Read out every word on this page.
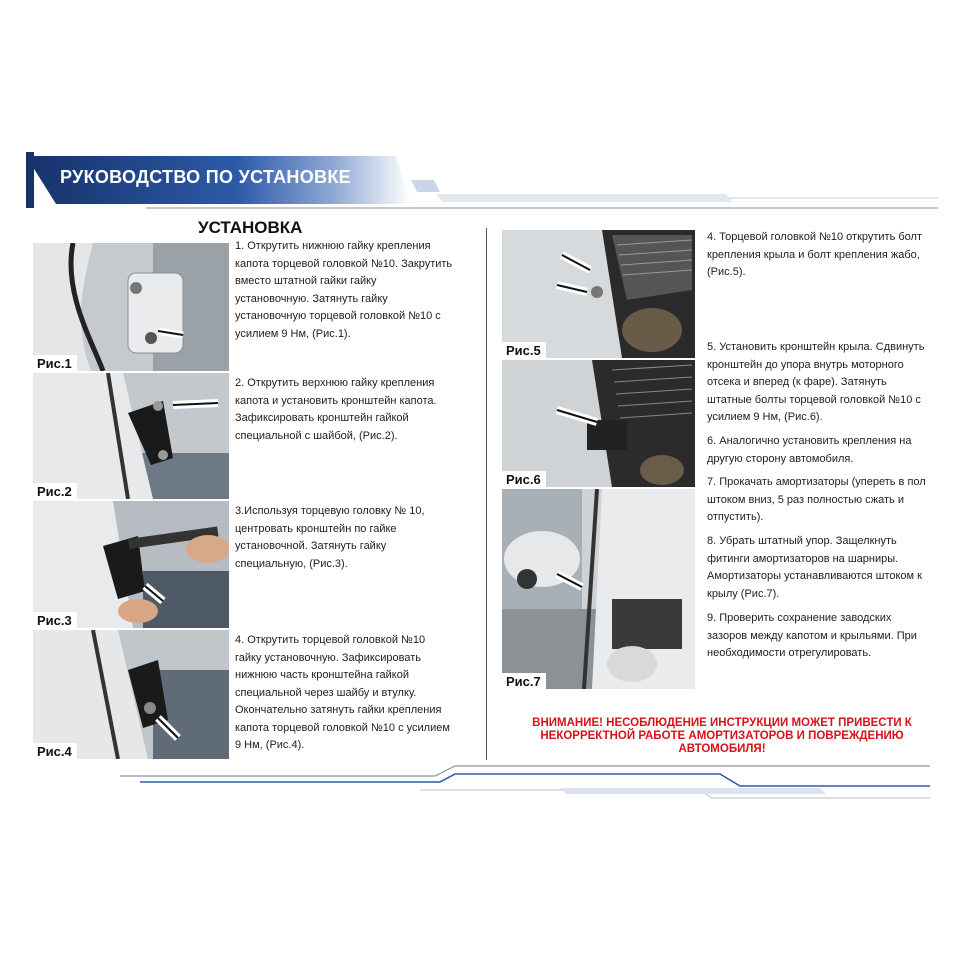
РУКОВОДСТВО ПО УСТАНОВКЕ
УСТАНОВКА
Рис.1
Рис.2
Рис.3
Рис.4
Рис.5
Рис.6
Рис.7
1. Открутить нижнюю гайку крепления
капота торцевой головкой №10. Закрутить
вместо штатной гайки гайку
установочную. Затянуть гайку
установочную торцевой головкой №10 с
усилием 9 Нм, (Рис.1).
2. Открутить верхнюю гайку крепления
капота и установить кронштейн капота.
Зафиксировать кронштейн гайкой
специальной с шайбой, (Рис.2).
3.Используя торцевую головку № 10,
центровать кронштейн по гайке
установочной. Затянуть гайку
специальную, (Рис.3).
4. Открутить торцевой головкой №10
гайку установочную. Зафиксировать
нижнюю часть кронштейна гайкой
специальной через шайбу и втулку.
Окончательно затянуть гайки крепления
капота торцевой головкой №10 с усилием
9 Нм, (Рис.4).
4. Торцевой головкой №10 открутить болт
крепления крыла и болт крепления жабо,
(Рис.5).
5. Установить кронштейн крыла. Сдвинуть
кронштейн до упора внутрь моторного
отсека и вперед (к фаре). Затянуть
штатные болты торцевой головкой №10 с
усилием 9 Нм, (Рис.6).
6. Аналогично установить крепления на
другую сторону автомобиля.
7. Прокачать амортизаторы (упереть в пол
штоком вниз, 5 раз полностью сжать и
отпустить).
8. Убрать штатный упор. Защелкнуть
фитинги амортизаторов на шарниры.
Амортизаторы устанавливаются штоком к
крылу (Рис.7).
9. Проверить сохранение заводских
зазоров между капотом и крыльями. При
необходимости отрегулировать.
ВНИМАНИЕ! НЕСОБЛЮДЕНИЕ ИНСТРУКЦИИ МОЖЕТ ПРИВЕСТИ К
НЕКОРРЕКТНОЙ РАБОТЕ АМОРТИЗАТОРОВ И ПОВРЕЖДЕНИЮ
АВТОМОБИЛЯ!
